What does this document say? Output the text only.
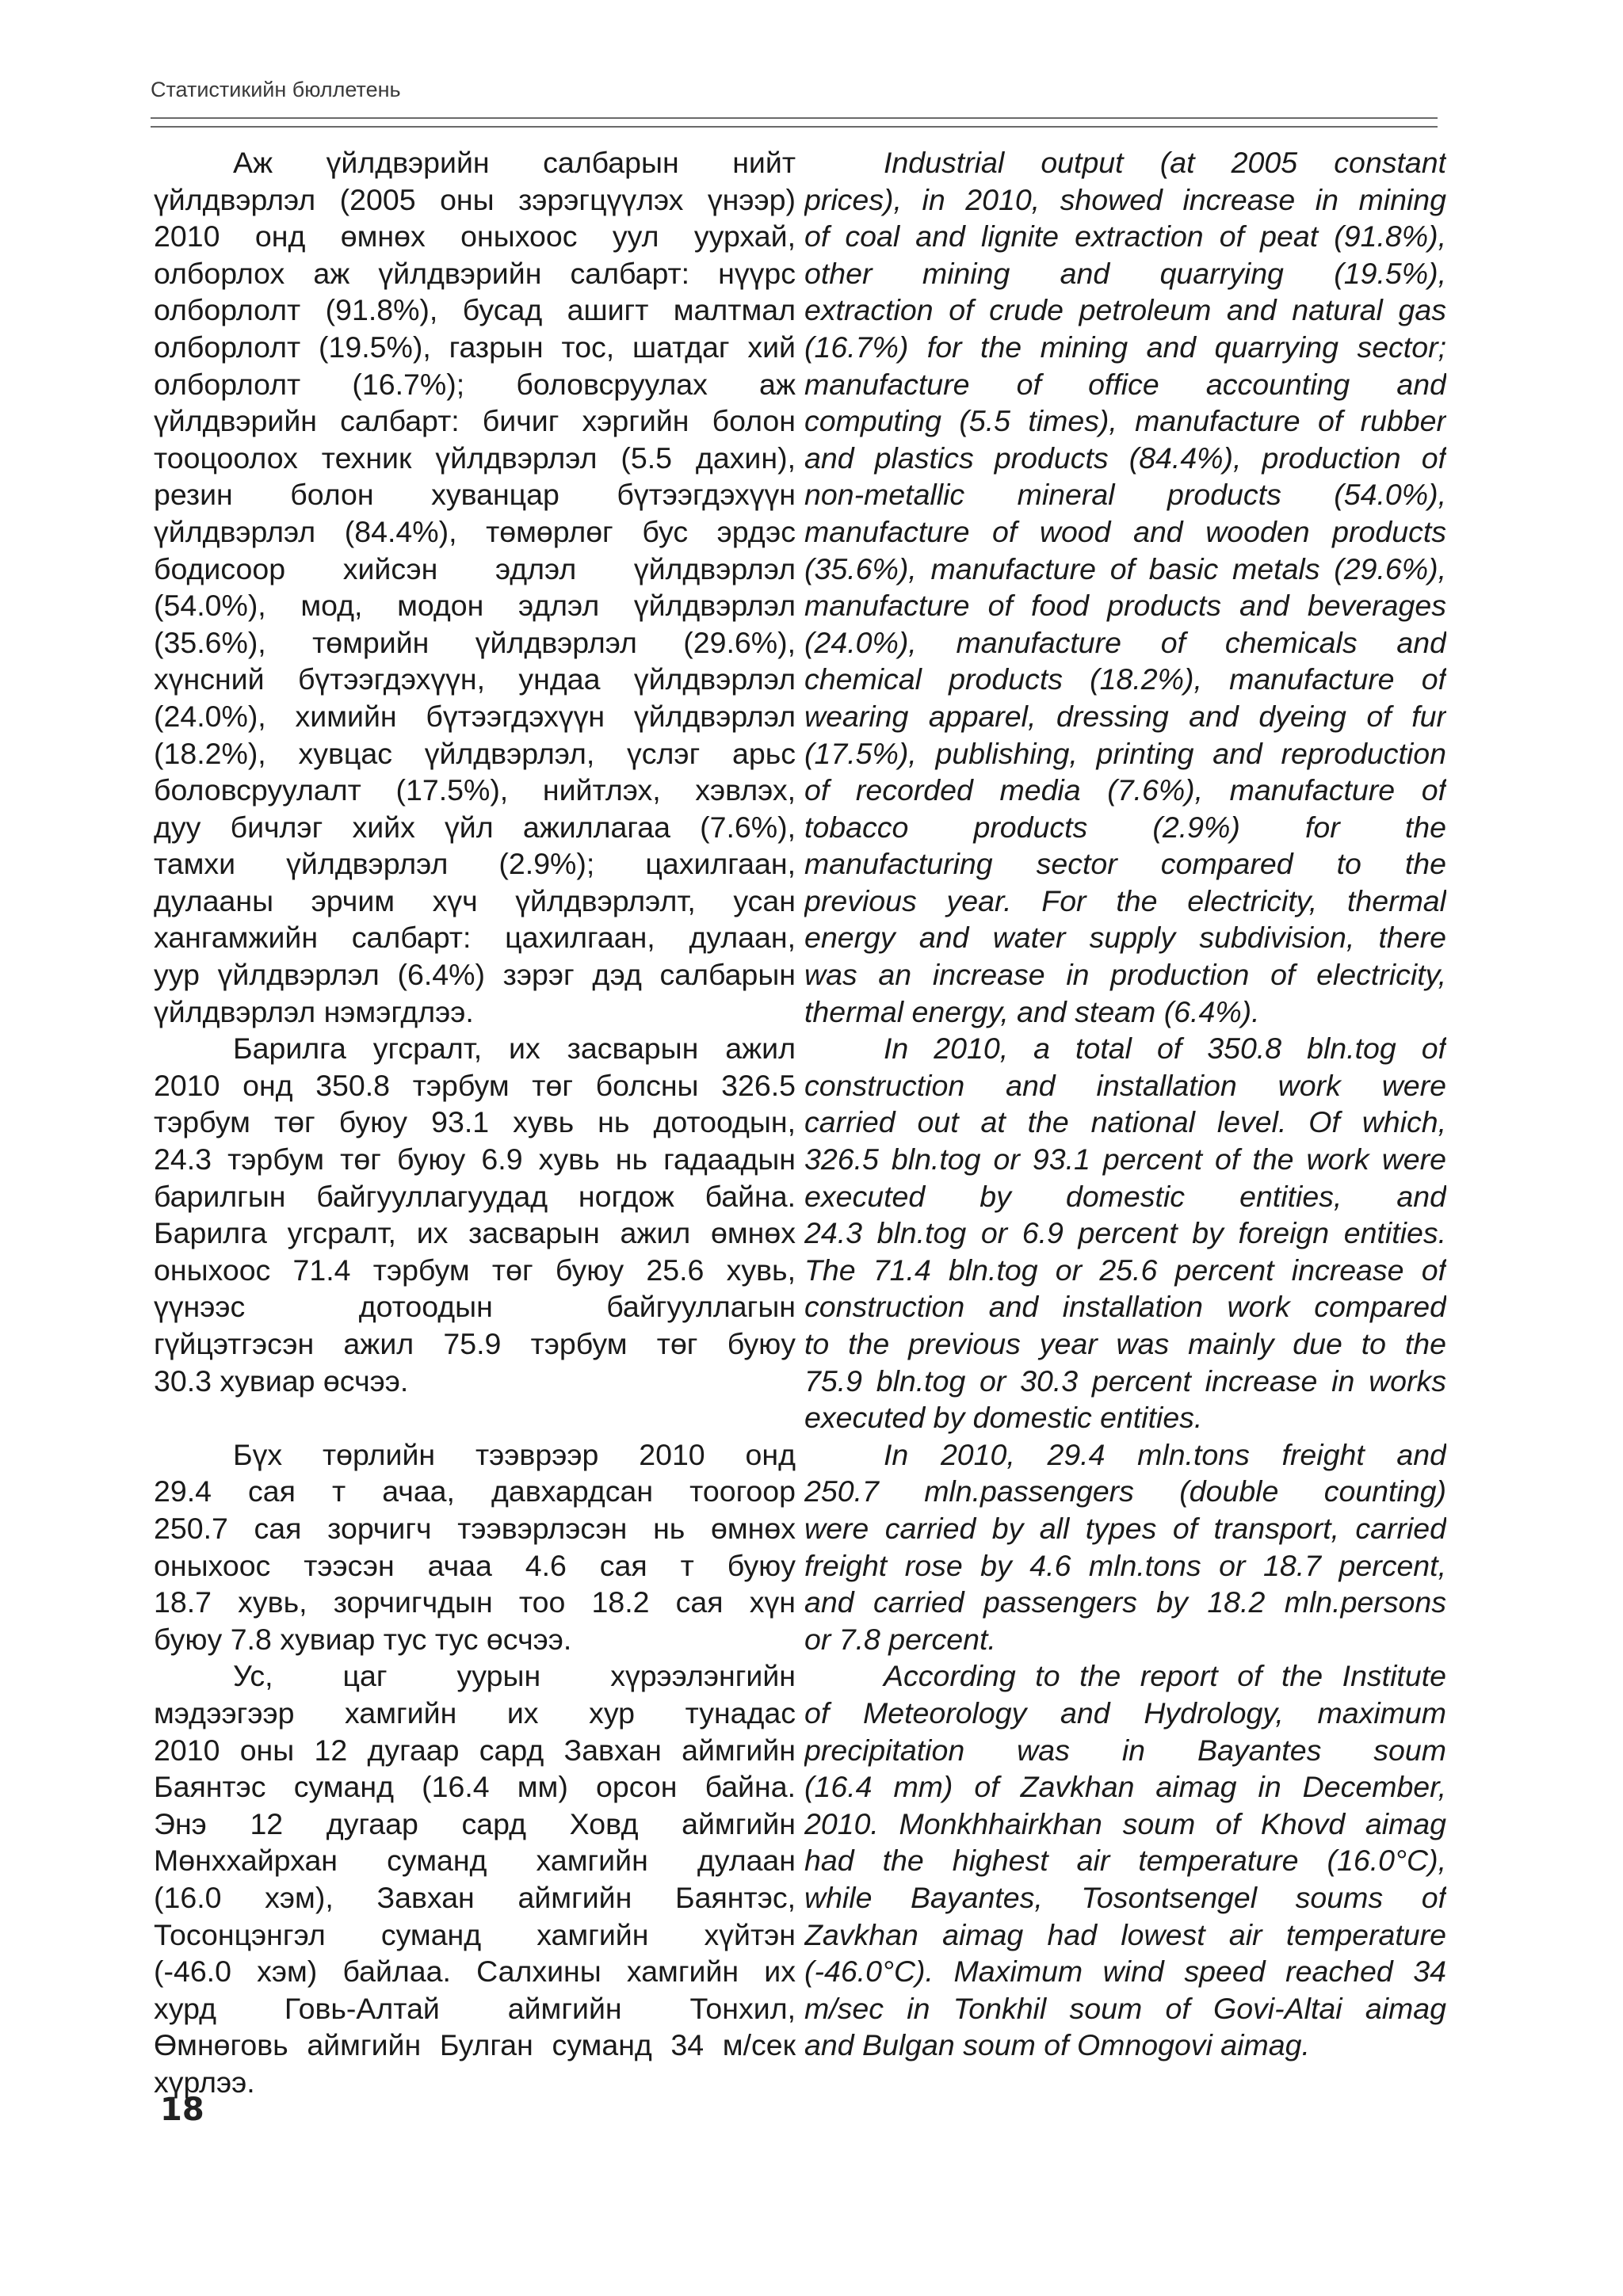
Статистикийн бюллетень
Аж үйлдвэрийн салбарын нийт
үйлдвэрлэл (2005 оны зэрэгцүүлэх үнээр)
2010 онд өмнөх оныхоос уул уурхай,
олборлох аж үйлдвэрийн салбарт: нүүрс
олборлолт (91.8%), бусад ашигт малтмал
олборлолт (19.5%), газрын тос, шатдаг хий
олборлолт (16.7%); боловсруулах аж
үйлдвэрийн салбарт: бичиг хэргийн болон
тооцоолох техник үйлдвэрлэл (5.5 дахин),
резин болон хуванцар бүтээгдэхүүн
үйлдвэрлэл (84.4%), төмөрлөг бус эрдэс
бодисоор хийсэн эдлэл үйлдвэрлэл
(54.0%), мод, модон эдлэл үйлдвэрлэл
(35.6%), төмрийн үйлдвэрлэл (29.6%),
хүнсний бүтээгдэхүүн, ундаа үйлдвэрлэл
(24.0%), химийн бүтээгдэхүүн үйлдвэрлэл
(18.2%), хувцас үйлдвэрлэл, үслэг арьс
боловсруулалт (17.5%), нийтлэх, хэвлэх,
дуу бичлэг хийх үйл ажиллагаа (7.6%),
тамхи үйлдвэрлэл (2.9%); цахилгаан,
дулааны эрчим хүч үйлдвэрлэлт, усан
хангамжийн салбарт: цахилгаан, дулаан,
уур үйлдвэрлэл (6.4%) зэрэг дэд салбарын
үйлдвэрлэл нэмэгдлээ.
Барилга угсралт, их засварын ажил
2010 онд 350.8 тэрбум төг болсны 326.5
тэрбум төг буюу 93.1 хувь нь дотоодын,
24.3 тэрбум төг буюу 6.9 хувь нь гадаадын
барилгын байгууллагуудад ногдож байна.
Барилга угсралт, их засварын ажил өмнөх
оныхоос 71.4 тэрбум төг буюу 25.6 хувь,
үүнээс дотоодын байгууллагын
гүйцэтгэсэн ажил 75.9 тэрбум төг буюу
30.3 хувиар өсчээ.
Бүх төрлийн тээврээр 2010 онд
29.4 сая т ачаа, давхардсан тоогоор
250.7 сая зорчигч тээвэрлэсэн нь өмнөх
оныхоос тээсэн ачаа 4.6 сая т буюу
18.7 хувь, зорчигчдын тоо 18.2 сая хүн
буюу 7.8 хувиар тус тус өсчээ.
Ус, цаг уурын хүрээлэнгийн
мэдээгээр хамгийн их хур тунадас
2010 оны 12 дугаар сард Завхан аймгийн
Баянтэс суманд (16.4 мм) орсон байна.
Энэ 12 дугаар сард Ховд аймгийн
Мөнххайрхан суманд хамгийн дулаан
(16.0 хэм), Завхан аймгийн Баянтэс,
Тосонцэнгэл суманд хамгийн хүйтэн
(-46.0 хэм) байлаа. Салхины хамгийн их
хурд Говь-Алтай аймгийн Тонхил,
Өмнөговь аймгийн Булган суманд 34 м/сек
хүрлээ.
Industrial output (at 2005 constant
prices), in 2010, showed increase in mining
of coal and lignite extraction of peat (91.8%),
other mining and quarrying (19.5%),
extraction of crude petroleum and natural gas
(16.7%) for the mining and quarrying sector;
manufacture of office accounting and
computing (5.5 times), manufacture of rubber
and plastics products (84.4%), production of
non-metallic mineral products (54.0%),
manufacture of wood and wooden products
(35.6%), manufacture of basic metals (29.6%),
manufacture of food products and beverages
(24.0%), manufacture of chemicals and
chemical products (18.2%), manufacture of
wearing apparel, dressing and dyeing of fur
(17.5%), publishing, printing and reproduction
of recorded media (7.6%), manufacture of
tobacco products (2.9%) for the
manufacturing sector compared to the
previous year. For the electricity, thermal
energy and water supply subdivision, there
was an increase in production of electricity,
thermal energy, and steam (6.4%).
In 2010, a total of 350.8 bln.tog of
construction and installation work were
carried out at the national level. Of which,
326.5 bln.tog or 93.1 percent of the work were
executed by domestic entities, and
24.3 bln.tog or 6.9 percent by foreign entities.
The 71.4 bln.tog or 25.6 percent increase of
construction and installation work compared
to the previous year was mainly due to the
75.9 bln.tog or 30.3 percent increase in works
executed by domestic entities.
In 2010, 29.4 mln.tons freight and
250.7 mln.passengers (double counting)
were carried by all types of transport, carried
freight rose by 4.6 mln.tons or 18.7 percent,
and carried passengers by 18.2 mln.persons
or 7.8 percent.
According to the report of the Institute
of Meteorology and Hydrology, maximum
precipitation was in Bayantes soum
(16.4 mm) of Zavkhan aimag in December,
2010. Monkhhairkhan soum of Khovd aimag
had the highest air temperature (16.0°C),
while Bayantes, Tosontsengel soums of
Zavkhan aimag had lowest air temperature
(-46.0°C). Maximum wind speed reached 34
m/sec in Tonkhil soum of Govi-Altai aimag
and Bulgan soum of Omnogovi aimag.
18
